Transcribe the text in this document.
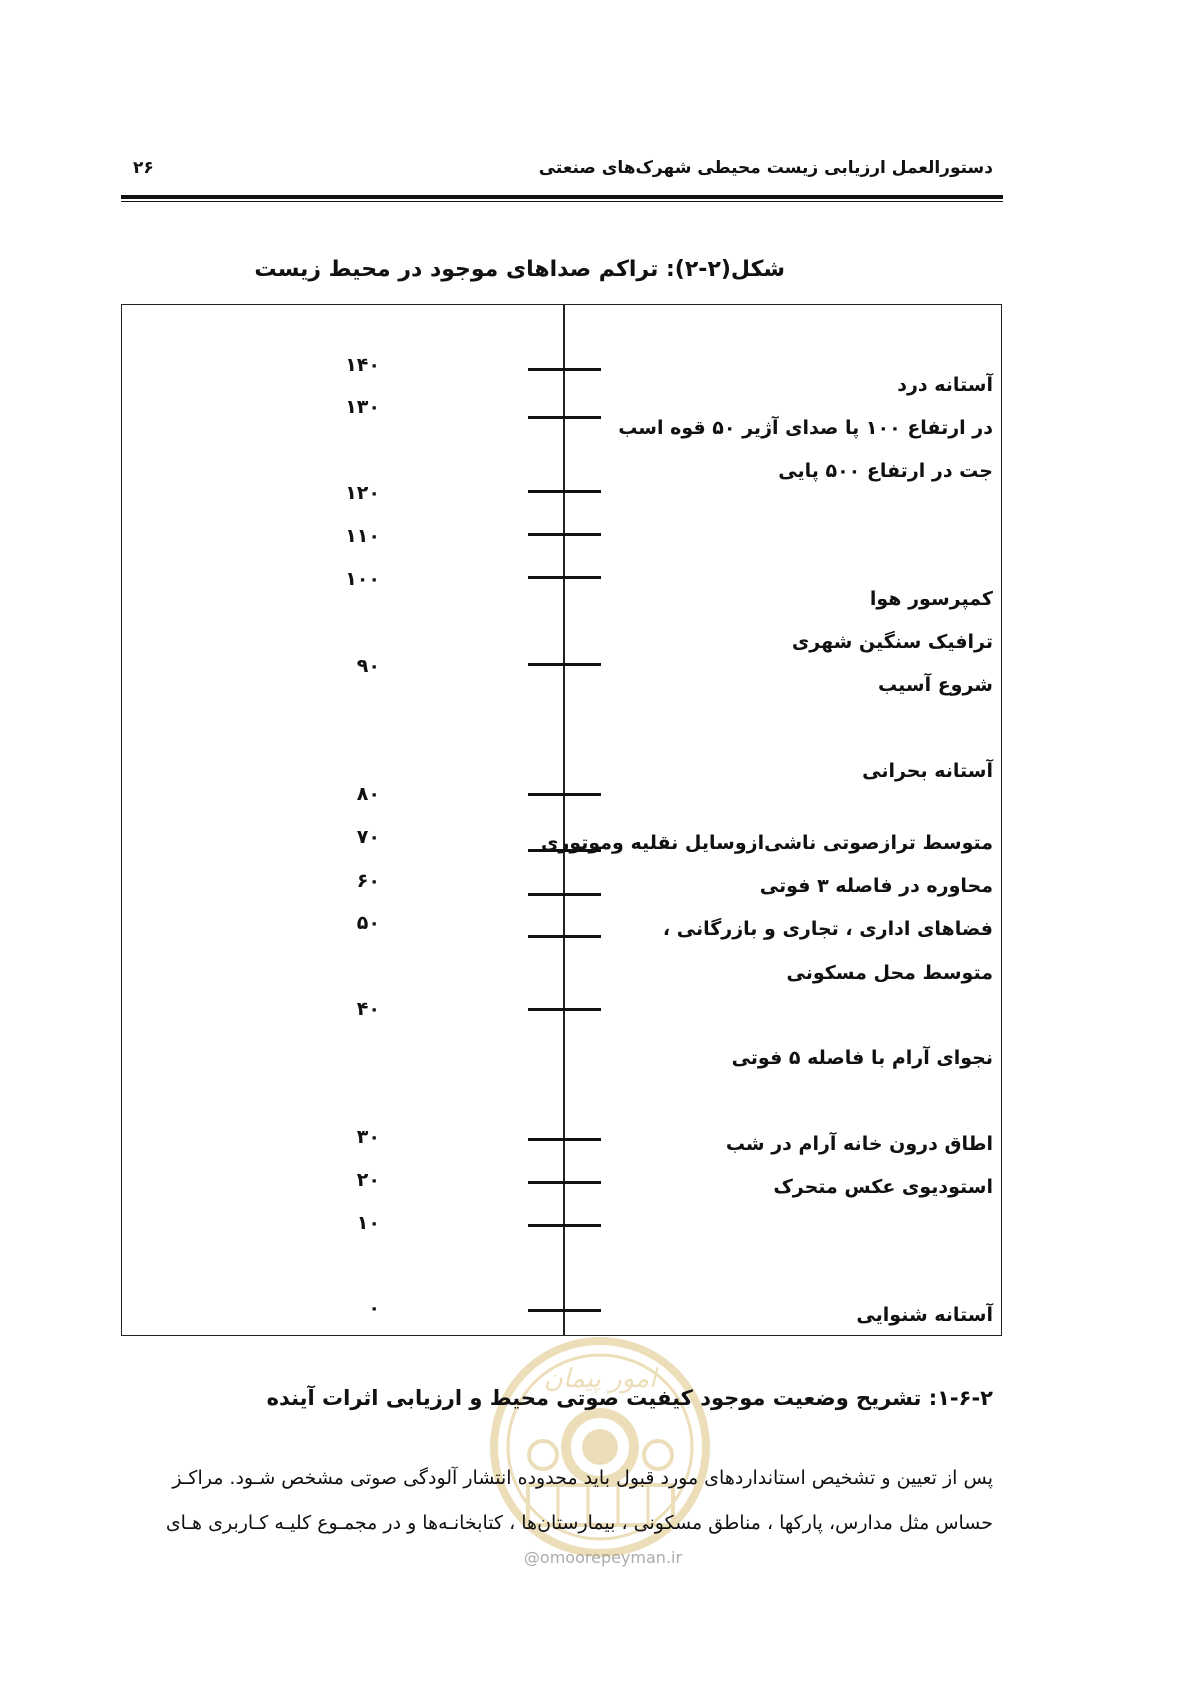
دستورالعمل ارزیابی زیست محیطی شهرک‌های صنعتی
۲۶
شکل(۲-۲): تراکم صداهای موجود در محیط زیست
۱۴۰
۱۳۰
۱۲۰
۱۱۰
۱۰۰
۹۰
۸۰
۷۰
۶۰
۵۰
۴۰
۳۰
۲۰
۱۰
۰
آستانه درد
در ارتفاع ۱۰۰ پا صدای آژیر ۵۰ قوه اسب
جت در ارتفاع ۵۰۰ پایی
کمپرسور هوا
ترافیک سنگین شهری
شروع آسیب
آستانه بحرانی
متوسط ترازصوتی ناشی‌ازوسایل نقلیه وموتوری
محاوره در فاصله ۳ فوتی
فضاهای اداری ، تجاری و بازرگانی ،
متوسط محل مسکونی
نجوای آرام با فاصله ۵ فوتی
اطاق درون خانه آرام در شب
استودیوی عکس متحرک
آستانه شنوایی
امور پیمان
@omoorepeyman.ir
۱-۶-۲: تشریح وضعیت موجود کیفیت صوتی محیط و ارزیابی اثرات آینده
پس از تعیین و تشخیص استانداردهای مورد قبول باید محدوده انتشار آلودگی صوتی مشخص شـود. مراکـز
حساس مثل مدارس، پارکها ، مناطق مسکونی ، بیمارستان‌ها ، کتابخانـه‌ها و در مجمـوع کلیـه کـاربری هـای
